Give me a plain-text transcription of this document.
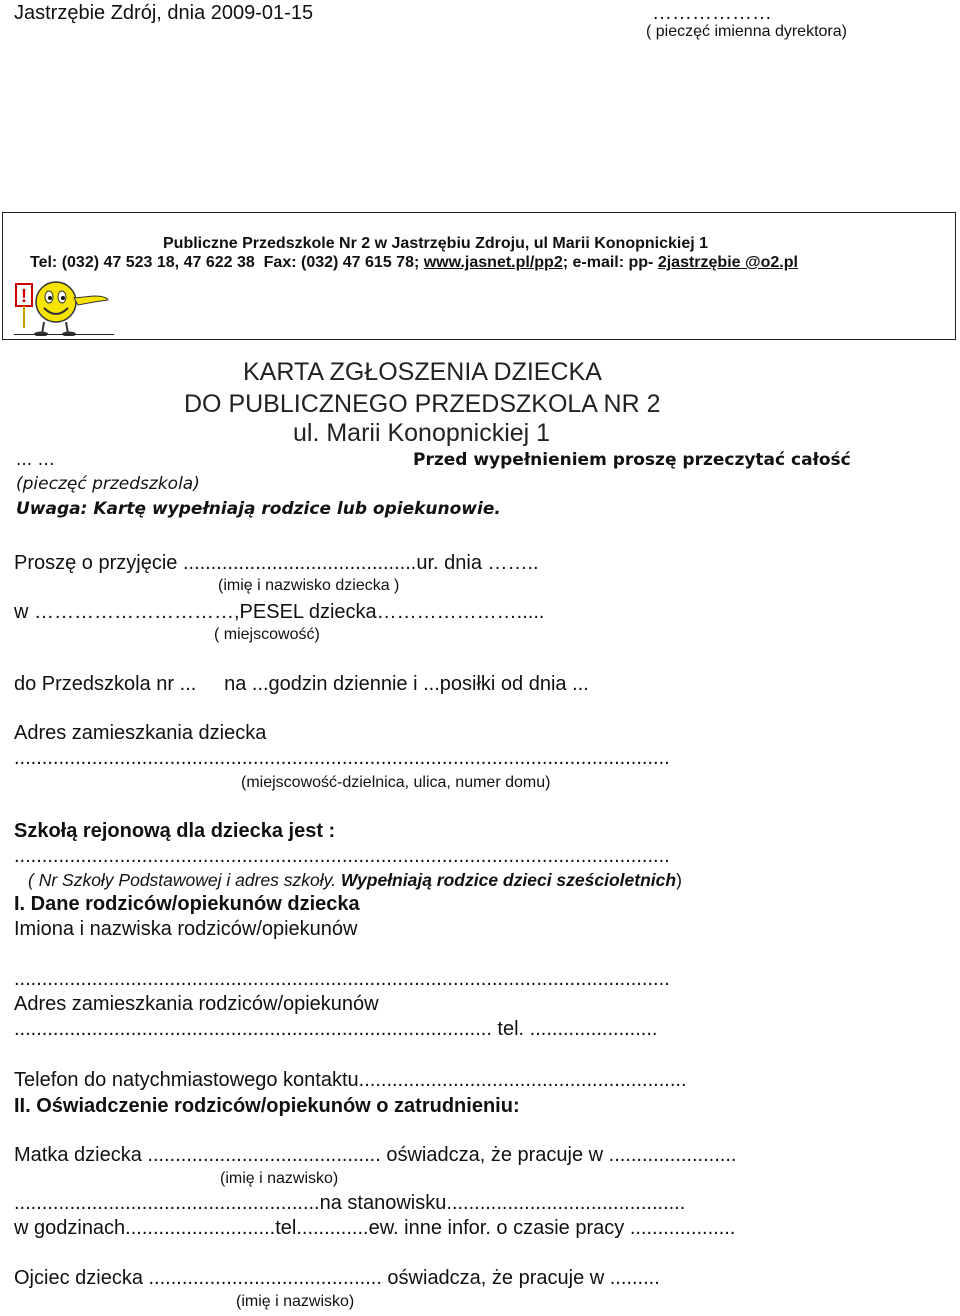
Jastrzębie Zdrój, dnia 2009-01-15	………………
( pieczęć imienna dyrektora)
Publiczne Przedszkole Nr 2 w Jastrzębiu Zdroju, ul Marii Konopnickiej 1
Tel: (032) 47 523 18, 47 622 38  Fax: (032) 47 615 78; www.jasnet.pl/pp2; e-mail: pp- 2jastrzębie @o2.pl
!
KARTA ZGŁOSZENIA DZIECKA
DO PUBLICZNEGO PRZEDSZKOLA NR 2
ul. Marii Konopnickiej 1
... …	Przed wypełnieniem proszę przeczytać całość
(pieczęć przedszkola)
Uwaga: Kartę wypełniają rodzice lub opiekunowie.
Proszę o przyjęcie ..........................................ur. dnia ……..
(imię i nazwisko dziecka )
w …………………………,PESEL dziecka………………….....
( miejscowość)
do Przedszkola nr ...     na ...godzin dziennie i ...posiłki od dnia ...
Adres zamieszkania dziecka
......................................................................................................................
(miejscowość-dzielnica, ulica, numer domu)
Szkołą rejonową dla dziecka jest :
......................................................................................................................
( Nr Szkoły Podstawowej i adres szkoły. Wypełniają rodzice dzieci sześcioletnich)
I. Dane rodziców/opiekunów dziecka
Imiona i nazwiska rodziców/opiekunów
......................................................................................................................
Adres zamieszkania rodziców/opiekunów
...................................................................................... tel. .......................
Telefon do natychmiastowego kontaktu...........................................................
II. Oświadczenie rodziców/opiekunów o zatrudnieniu:
Matka dziecka .......................................... oświadcza, że pracuje w .......................
(imię i nazwisko)
.......................................................na stanowisku...........................................
w godzinach...........................tel.............ew. inne infor. o czasie pracy ...................
Ojciec dziecka .......................................... oświadcza, że pracuje w .........
(imię i nazwisko)
